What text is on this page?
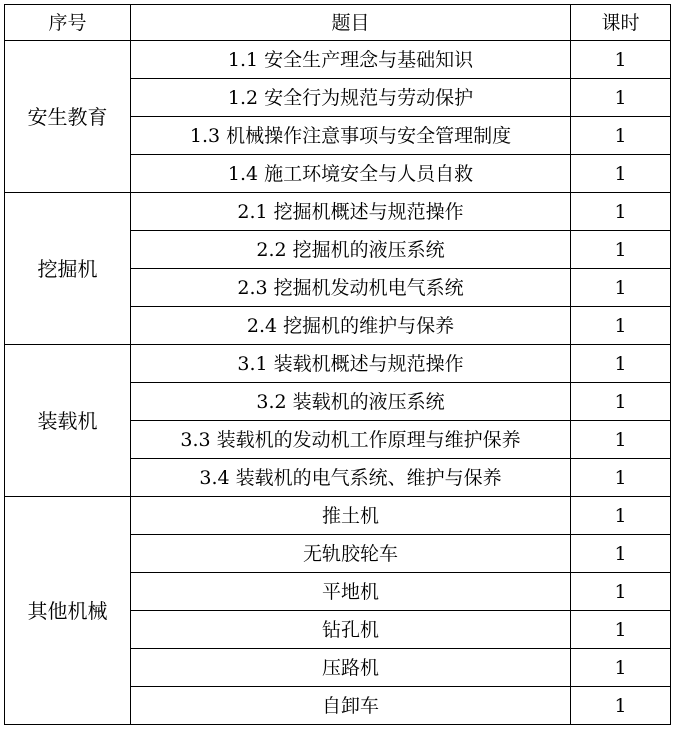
序号	题目	课时
安生教育	1.1 安全生产理念与基础知识	1
	1.2 安全行为规范与劳动保护	1
	1.3 机械操作注意事项与安全管理制度	1
	1.4 施工环境安全与人员自救	1
挖掘机	2.1 挖掘机概述与规范操作	1
	2.2 挖掘机的液压系统	1
	2.3 挖掘机发动机电气系统	1
	2.4 挖掘机的维护与保养	1
装载机	3.1 装载机概述与规范操作	1
	3.2 装载机的液压系统	1
	3.3 装载机的发动机工作原理与维护保养	1
	3.4 装载机的电气系统、维护与保养	1
其他机械	推土机	1
	无轨胶轮车	1
	平地机	1
	钻孔机	1
	压路机	1
	自卸车	1
